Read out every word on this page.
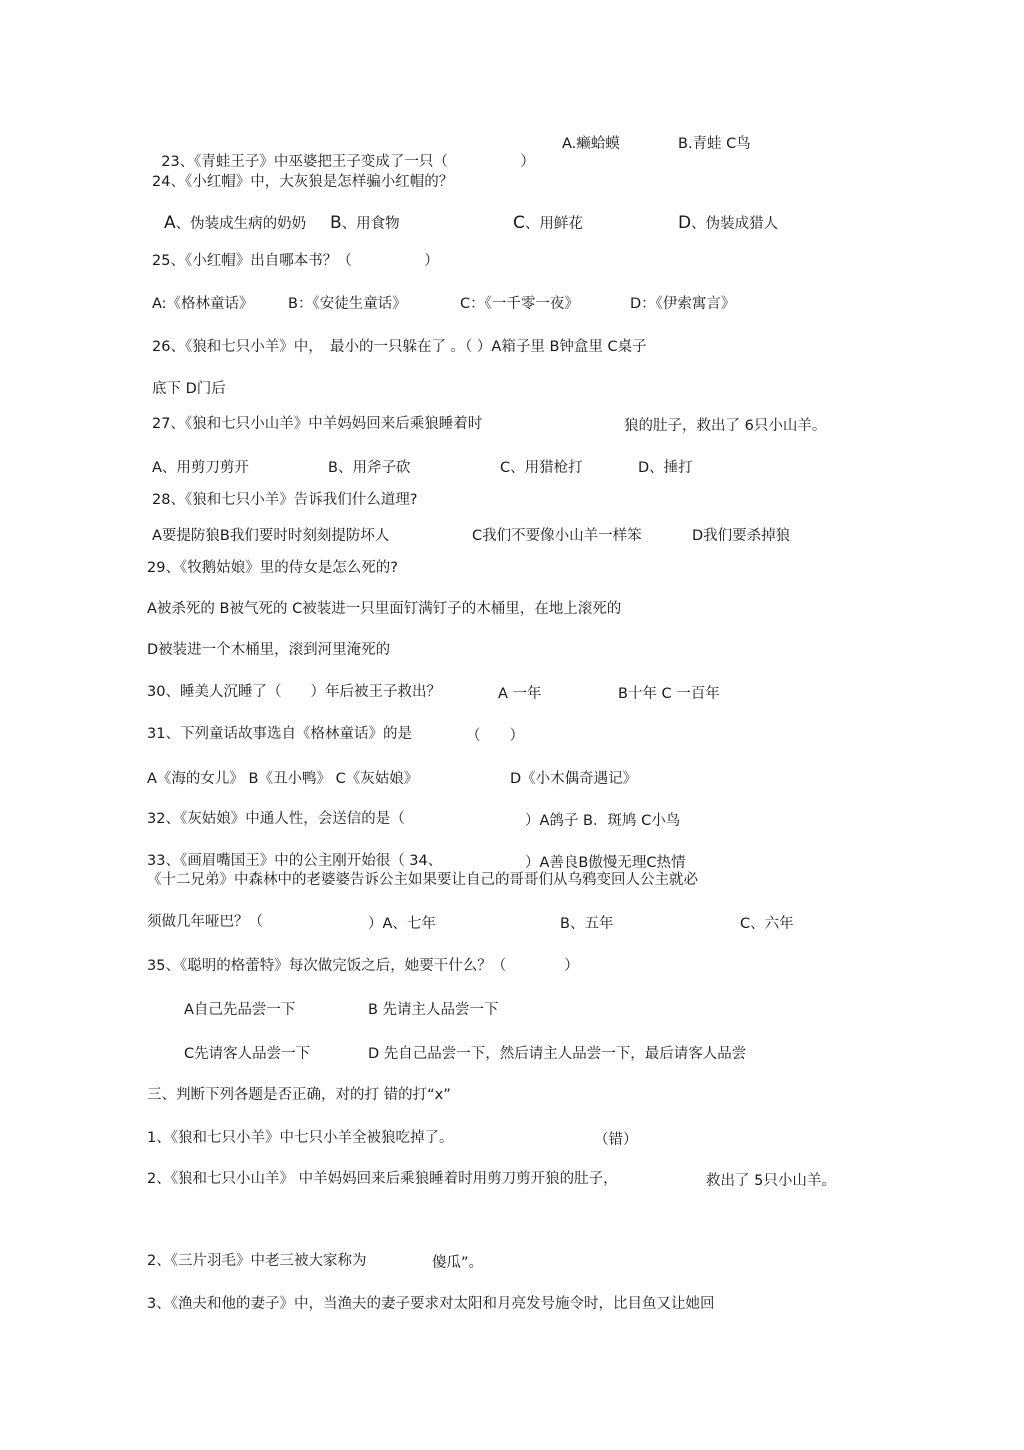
23、《青蛙王子》中巫婆把王子变成了一只（　　　　　）

A.癞蛤蟆	B.青蛙 C鸟
24、《小红帽》中，大灰狼是怎样骗小红帽的？
A、伪装成生病的奶奶 B、用食物	C、用鲜花	D、伪装成猎人
25、《小红帽》出自哪本书？（　　　　　）
A:《格林童话》 B：《安徒生童话》	C：《一千零一夜》	D：《伊索寓言》
26、《狼和七只小羊》中，　最小的一只躲在了 。（ ）A箱子里 B钟盒里 C桌子
底下 D门后
27、《狼和七只小山羊》中羊妈妈回来后乘狼睡着时	狼的肚子，救出了 6只小山羊。
A、用剪刀剪开	B、用斧子砍	C、用猎枪打	D、捶打
28、《狼和七只小羊》告诉我们什么道理?
A要提防狼B我们要时时刻刻提防坏人	C我们不要像小山羊一样笨	D我们要杀掉狼
29、《牧鹅姑娘》里的侍女是怎么死的?
A被杀死的 B被气死的 C被装进一只里面钉满钉子的木桶里，在地上滚死的
D被装进一个木桶里，滚到河里淹死的
30、睡美人沉睡了（　　）年后被王子救出？	A 一年	B十年 C 一百年
31、下列童话故事选自《格林童话》的是	（　　）
A《海的女儿》 B《丑小鸭》 C《灰姑娘》	D《小木偶奇遇记》
32、《灰姑娘》中通人性，会送信的是（	）A鸽子 B．斑鸠 C小鸟
33、《画眉嘴国王》中的公主刚开始很（ 34、	）A善良B傲慢无理C热情
《十二兄弟》中森林中的老婆婆告诉公主如果要让自己的哥哥们从乌鸦变回人公主就必
须做几年哑巴？（	）A、七年	B、五年	C、六年
35、《聪明的格蕾特》每次做完饭之后，她要干什么？（　　　　）
A自己先品尝一下	B 先请主人品尝一下
C先请客人品尝一下	D 先自己品尝一下，然后请主人品尝一下，最后请客人品尝
三、判断下列各题是否正确，对的打 错的打“x”
1、《狼和七只小羊》中七只小羊全被狼吃掉了。	（错）
2、《狼和七只小山羊》 中羊妈妈回来后乘狼睡着时用剪刀剪开狼的肚子，	救出了 5只小山羊。
2、《三片羽毛》中老三被大家称为	傻瓜”。
3、《渔夫和他的妻子》中，当渔夫的妻子要求对太阳和月亮发号施令时，比目鱼又让她回
